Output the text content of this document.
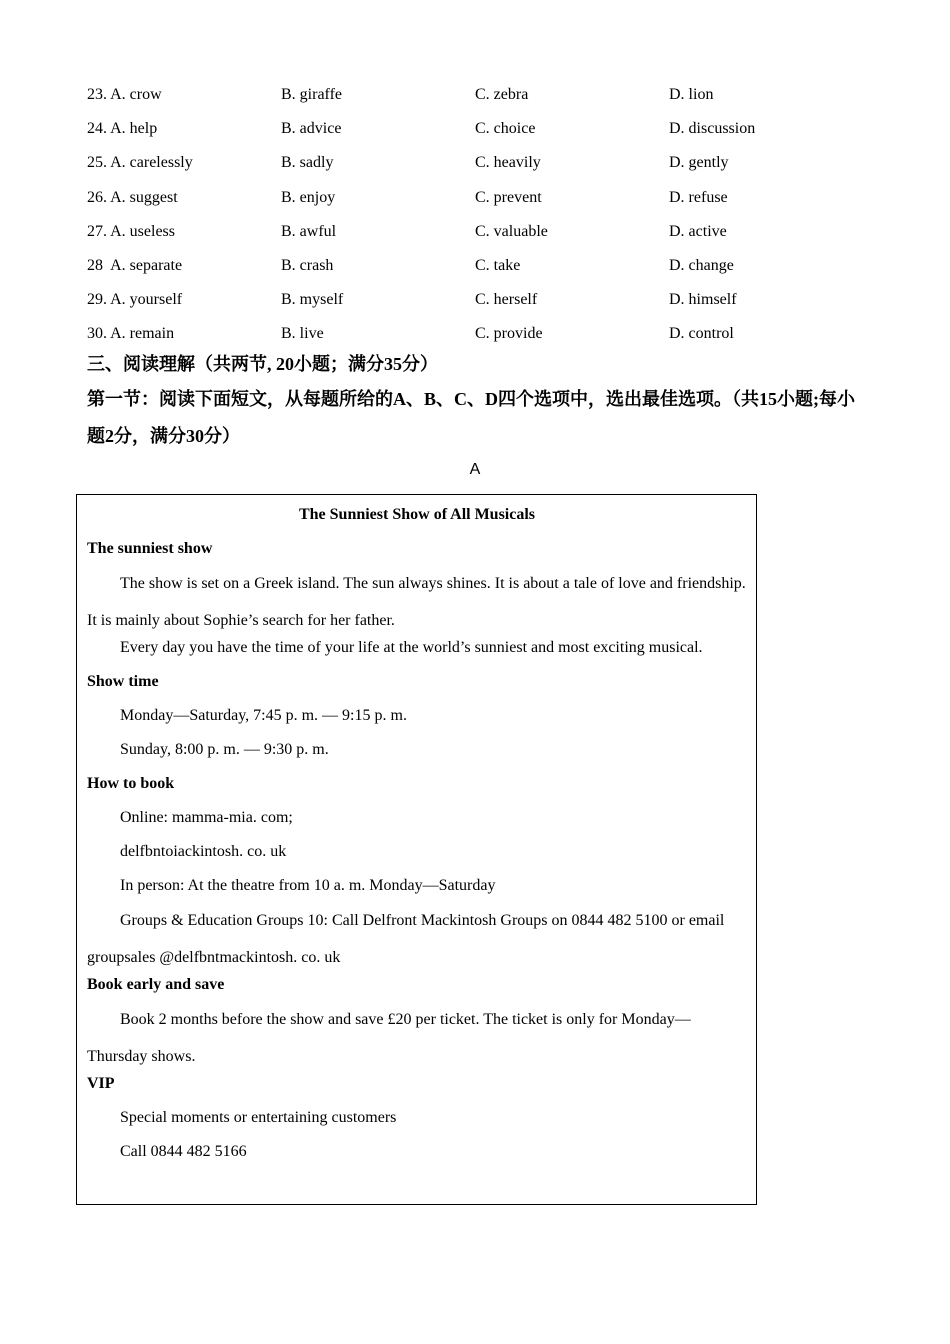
23. A. crow	B. giraffe	C. zebra	D. lion
24. A. help	B. advice	C. choice	D. discussion
25. A. carelessly	B. sadly	C. heavily	D. gently
26. A. suggest	B. enjoy	C. prevent	D. refuse
27. A. useless	B. awful	C. valuable	D. active
28  A. separate	B. crash	C. take	D. change
29. A. yourself	B. myself	C. herself	D. himself
30. A. remain	B. live	C. provide	D. control
三、阅读理解（共两节, 20小题；满分35分）
第一节：阅读下面短文，从每题所给的A、B、C、D四个选项中，选出最佳选项。（共15小题;每小题2分，满分30分）
A
The Sunniest Show of All Musicals
The sunniest show
The show is set on a Greek island. The sun always shines. It is about a tale of love and friendship. It is mainly about Sophie’s search for her father.
Every day you have the time of your life at the world’s sunniest and most exciting musical.
Show time
Monday—Saturday, 7:45 p. m. — 9:15 p. m.
Sunday, 8:00 p. m. — 9:30 p. m.
How to book
Online: mamma-mia. com;
delfbntoiackintosh. co. uk
In person: At the theatre from 10 a. m. Monday—Saturday
Groups & Education Groups 10: Call Delfront Mackintosh Groups on 0844 482 5100 or email groupsales @delfbntmackintosh. co. uk
Book early and save
Book 2 months before the show and save £20 per ticket. The ticket is only for Monday—Thursday shows.
VIP
Special moments or entertaining customers
Call 0844 482 5166
